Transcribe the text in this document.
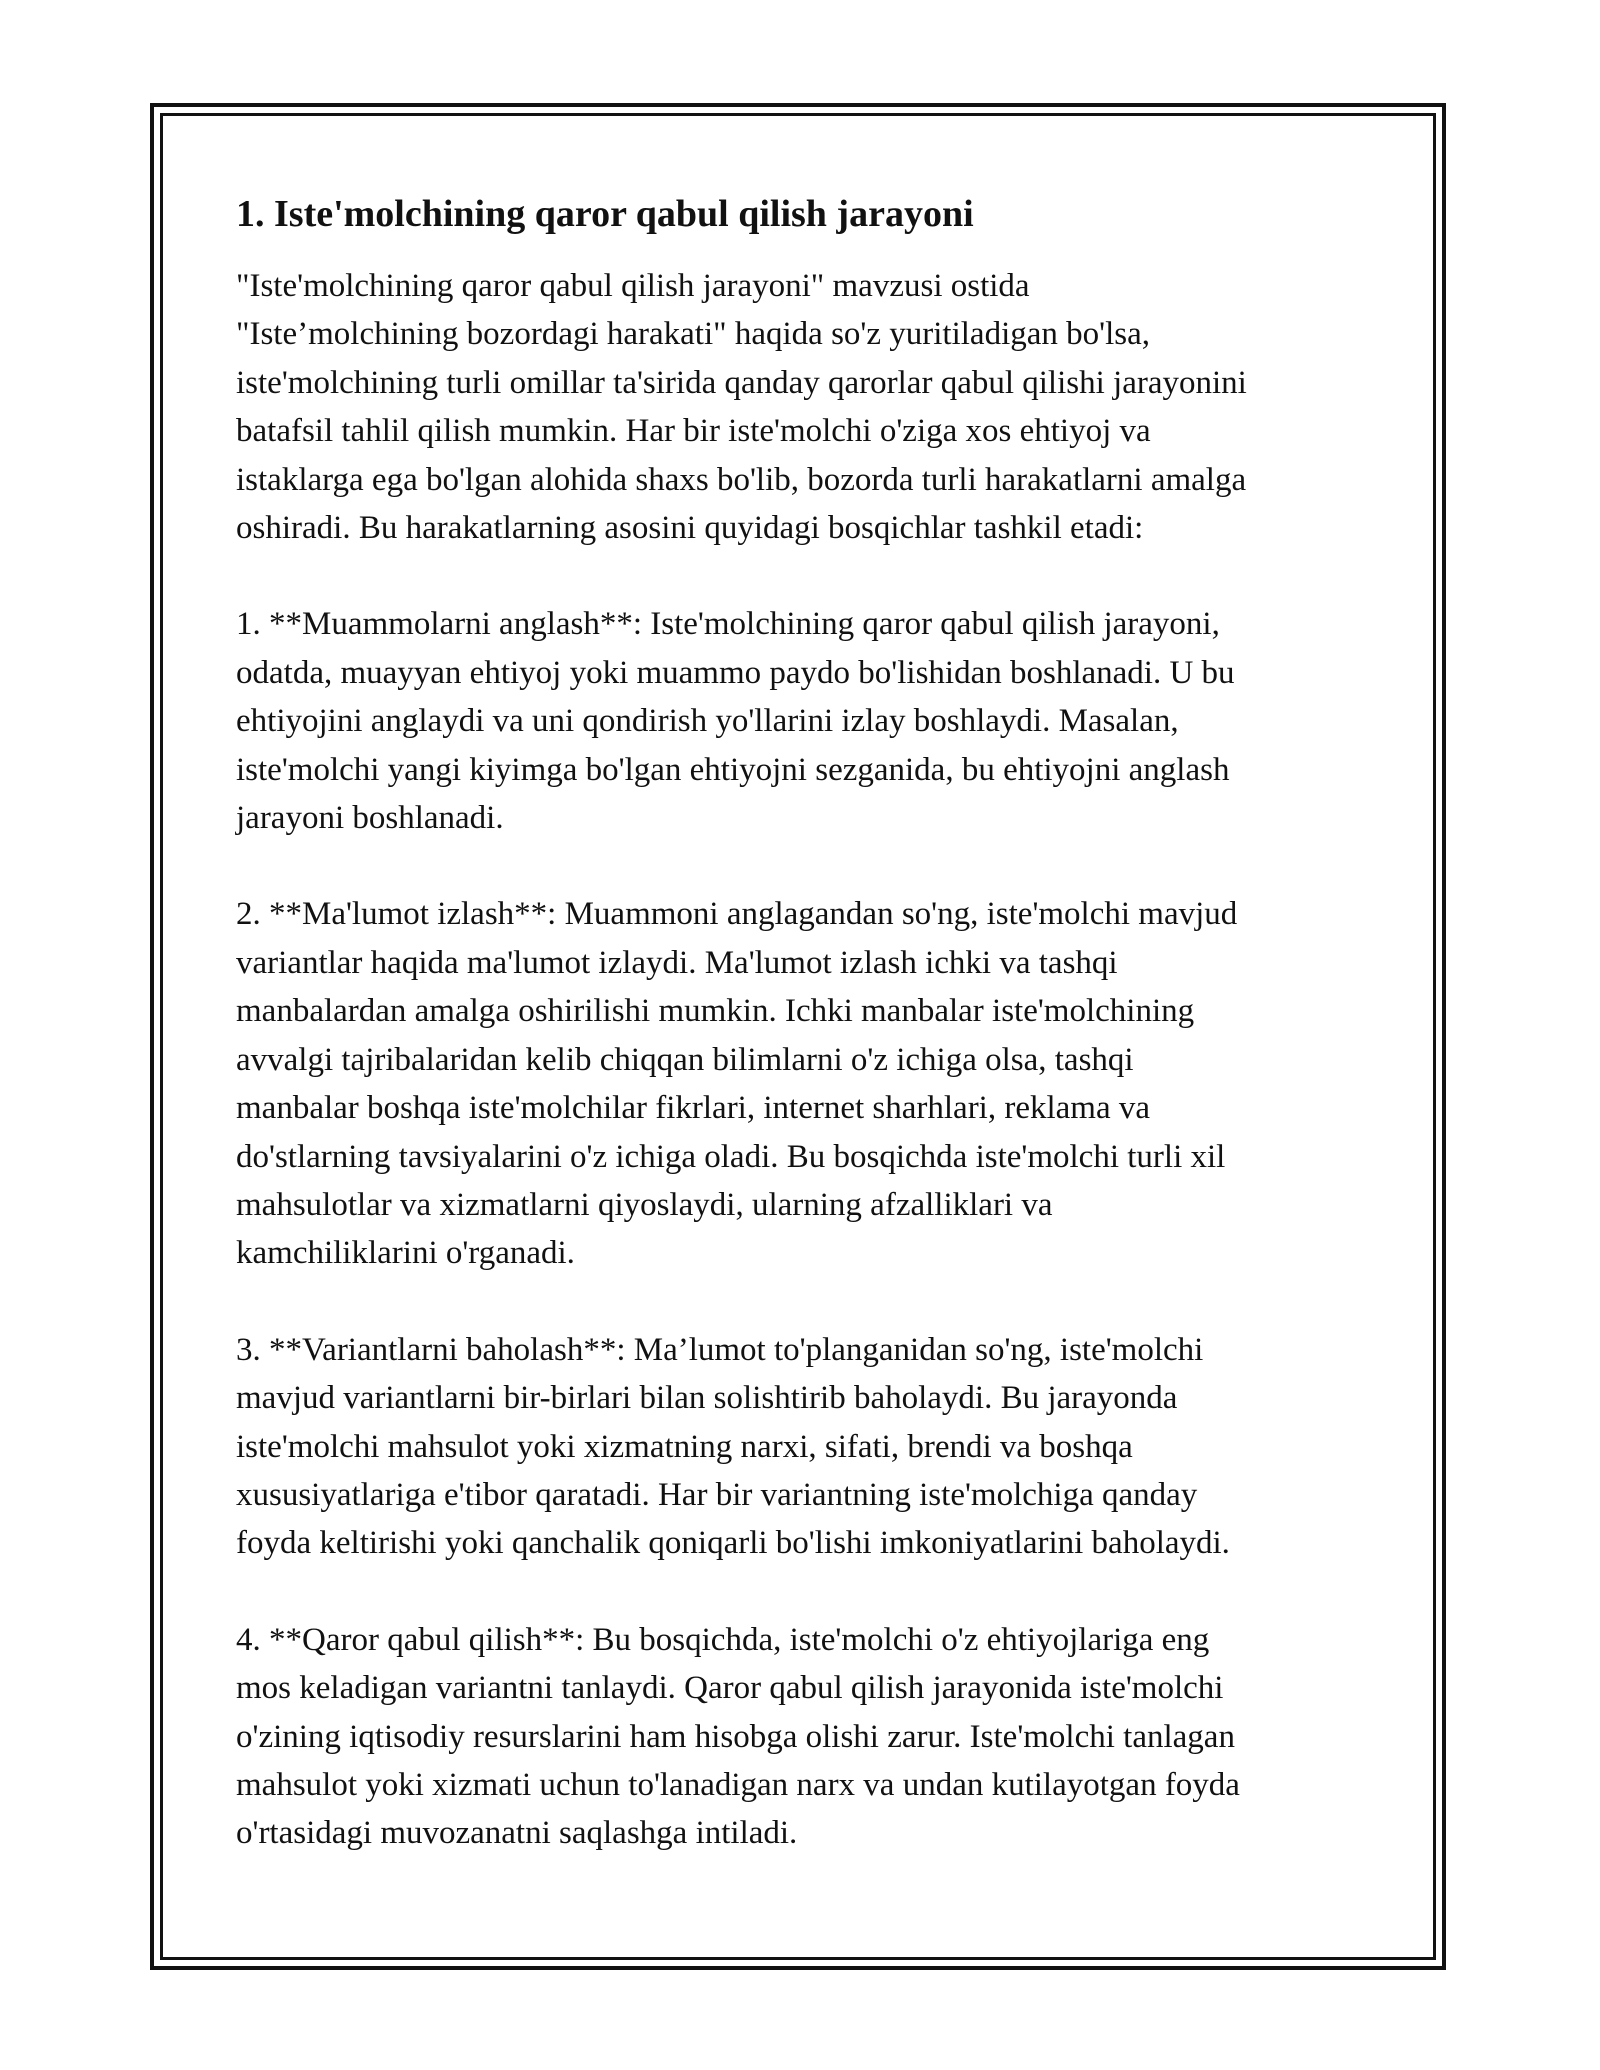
1. Iste'molchining qaror qabul qilish jarayoni

"Iste'molchining qaror qabul qilish jarayoni" mavzusi ostida
"Iste’molchining bozordagi harakati" haqida so'z yuritiladigan bo'lsa,
iste'molchining turli omillar ta'sirida qanday qarorlar qabul qilishi jarayonini
batafsil tahlil qilish mumkin. Har bir iste'molchi o'ziga xos ehtiyoj va
istaklarga ega bo'lgan alohida shaxs bo'lib, bozorda turli harakatlarni amalga
oshiradi. Bu harakatlarning asosini quyidagi bosqichlar tashkil etadi:

1. **Muammolarni anglash**: Iste'molchining qaror qabul qilish jarayoni,
odatda, muayyan ehtiyoj yoki muammo paydo bo'lishidan boshlanadi. U bu
ehtiyojini anglaydi va uni qondirish yo'llarini izlay boshlaydi. Masalan,
iste'molchi yangi kiyimga bo'lgan ehtiyojni sezganida, bu ehtiyojni anglash
jarayoni boshlanadi.

2. **Ma'lumot izlash**: Muammoni anglagandan so'ng, iste'molchi mavjud
variantlar haqida ma'lumot izlaydi. Ma'lumot izlash ichki va tashqi
manbalardan amalga oshirilishi mumkin. Ichki manbalar iste'molchining
avvalgi tajribalaridan kelib chiqqan bilimlarni o'z ichiga olsa, tashqi
manbalar boshqa iste'molchilar fikrlari, internet sharhlari, reklama va
do'stlarning tavsiyalarini o'z ichiga oladi. Bu bosqichda iste'molchi turli xil
mahsulotlar va xizmatlarni qiyoslaydi, ularning afzalliklari va
kamchiliklarini o'rganadi.

3. **Variantlarni baholash**: Ma’lumot to'planganidan so'ng, iste'molchi
mavjud variantlarni bir-birlari bilan solishtirib baholaydi. Bu jarayonda
iste'molchi mahsulot yoki xizmatning narxi, sifati, brendi va boshqa
xususiyatlariga e'tibor qaratadi. Har bir variantning iste'molchiga qanday
foyda keltirishi yoki qanchalik qoniqarli bo'lishi imkoniyatlarini baholaydi.

4. **Qaror qabul qilish**: Bu bosqichda, iste'molchi o'z ehtiyojlariga eng
mos keladigan variantni tanlaydi. Qaror qabul qilish jarayonida iste'molchi
o'zining iqtisodiy resurslarini ham hisobga olishi zarur. Iste'molchi tanlagan
mahsulot yoki xizmati uchun to'lanadigan narx va undan kutilayotgan foyda
o'rtasidagi muvozanatni saqlashga intiladi.
